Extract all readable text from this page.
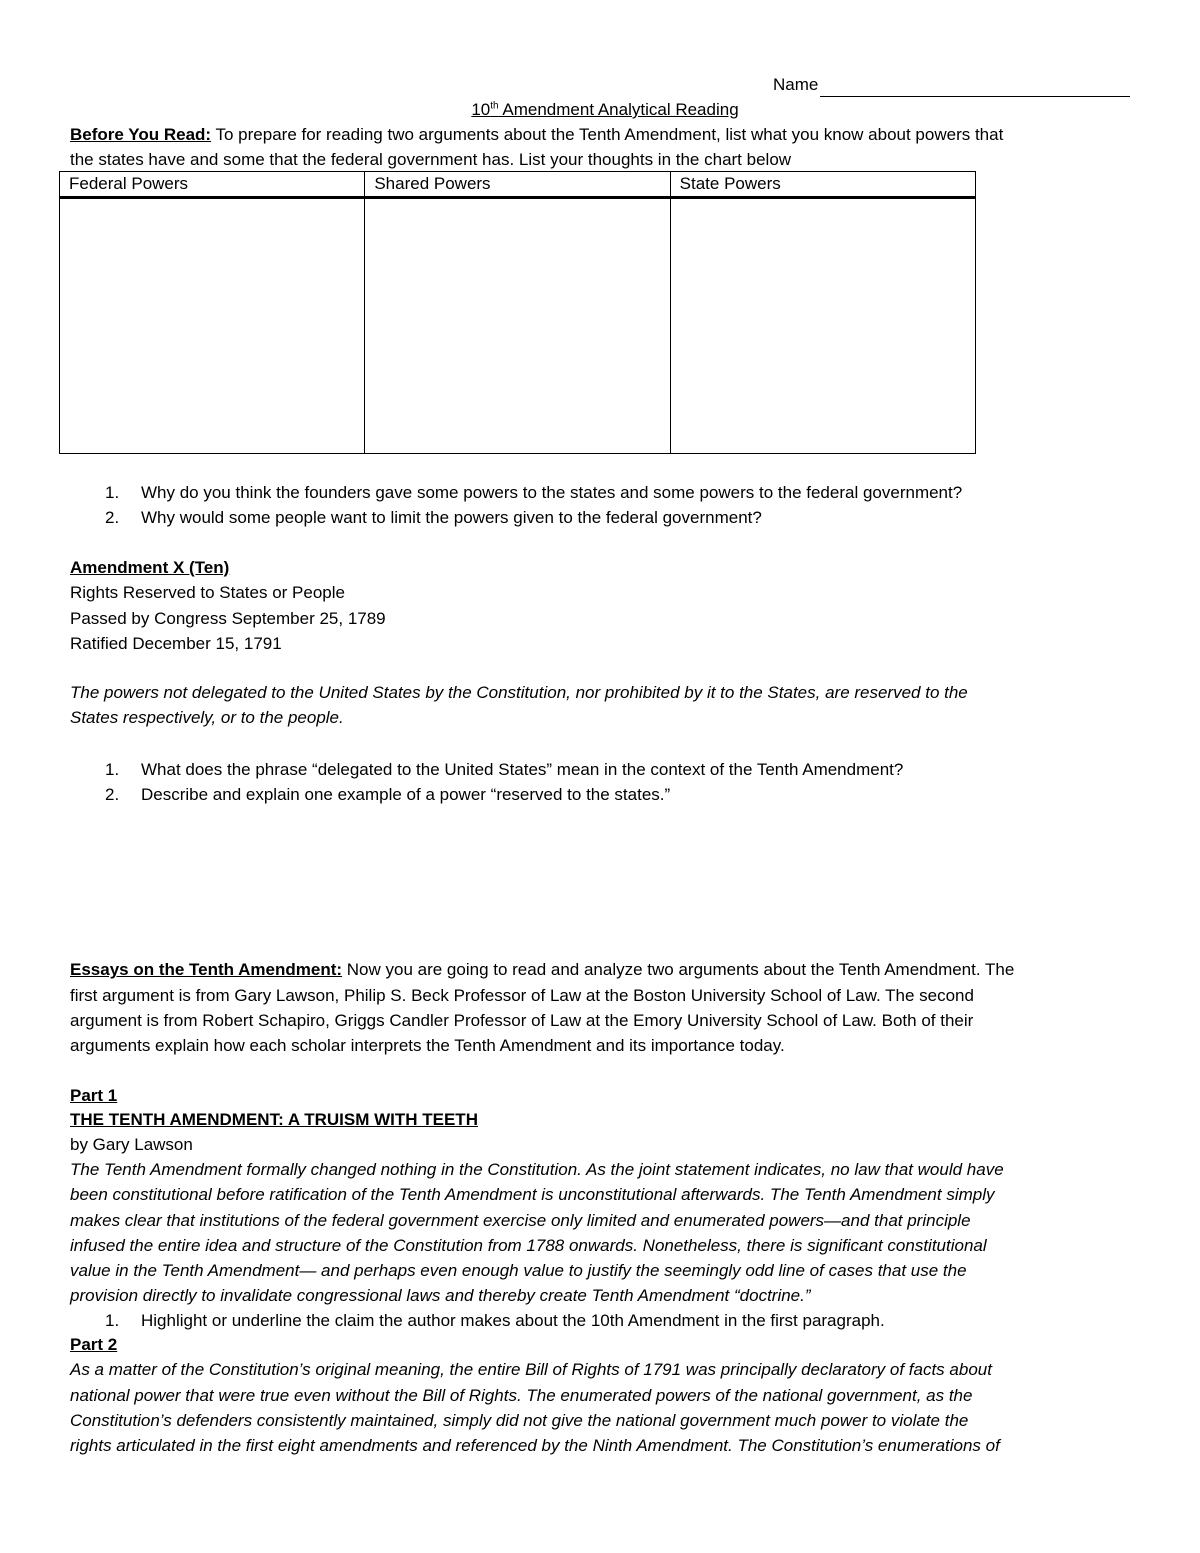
Name
10th Amendment Analytical Reading
Before You Read: To prepare for reading two arguments about the Tenth Amendment, list what you know about powers that
the states have and some that the federal government has. List your thoughts in the chart below
Federal Powers	Shared Powers	State Powers

1. Why do you think the founders gave some powers to the states and some powers to the federal government?
2. Why would some people want to limit the powers given to the federal government?
Amendment X (Ten)
Rights Reserved to States or People
Passed by Congress September 25, 1789
Ratified December 15, 1791
The powers not delegated to the United States by the Constitution, nor prohibited by it to the States, are reserved to the
States respectively, or to the people.
1. What does the phrase “delegated to the United States” mean in the context of the Tenth Amendment?
2. Describe and explain one example of a power “reserved to the states.”
Essays on the Tenth Amendment: Now you are going to read and analyze two arguments about the Tenth Amendment. The
first argument is from Gary Lawson, Philip S. Beck Professor of Law at the Boston University School of Law. The second
argument is from Robert Schapiro, Griggs Candler Professor of Law at the Emory University School of Law. Both of their
arguments explain how each scholar interprets the Tenth Amendment and its importance today.
Part 1
THE TENTH AMENDMENT: A TRUISM WITH TEETH
by Gary Lawson
The Tenth Amendment formally changed nothing in the Constitution. As the joint statement indicates, no law that would have
been constitutional before ratification of the Tenth Amendment is unconstitutional afterwards. The Tenth Amendment simply
makes clear that institutions of the federal government exercise only limited and enumerated powers—and that principle
infused the entire idea and structure of the Constitution from 1788 onwards. Nonetheless, there is significant constitutional
value in the Tenth Amendment— and perhaps even enough value to justify the seemingly odd line of cases that use the
provision directly to invalidate congressional laws and thereby create Tenth Amendment “doctrine.”
1. Highlight or underline the claim the author makes about the 10th Amendment in the first paragraph.
Part 2
As a matter of the Constitution’s original meaning, the entire Bill of Rights of 1791 was principally declaratory of facts about
national power that were true even without the Bill of Rights. The enumerated powers of the national government, as the
Constitution’s defenders consistently maintained, simply did not give the national government much power to violate the
rights articulated in the first eight amendments and referenced by the Ninth Amendment. The Constitution’s enumerations of
